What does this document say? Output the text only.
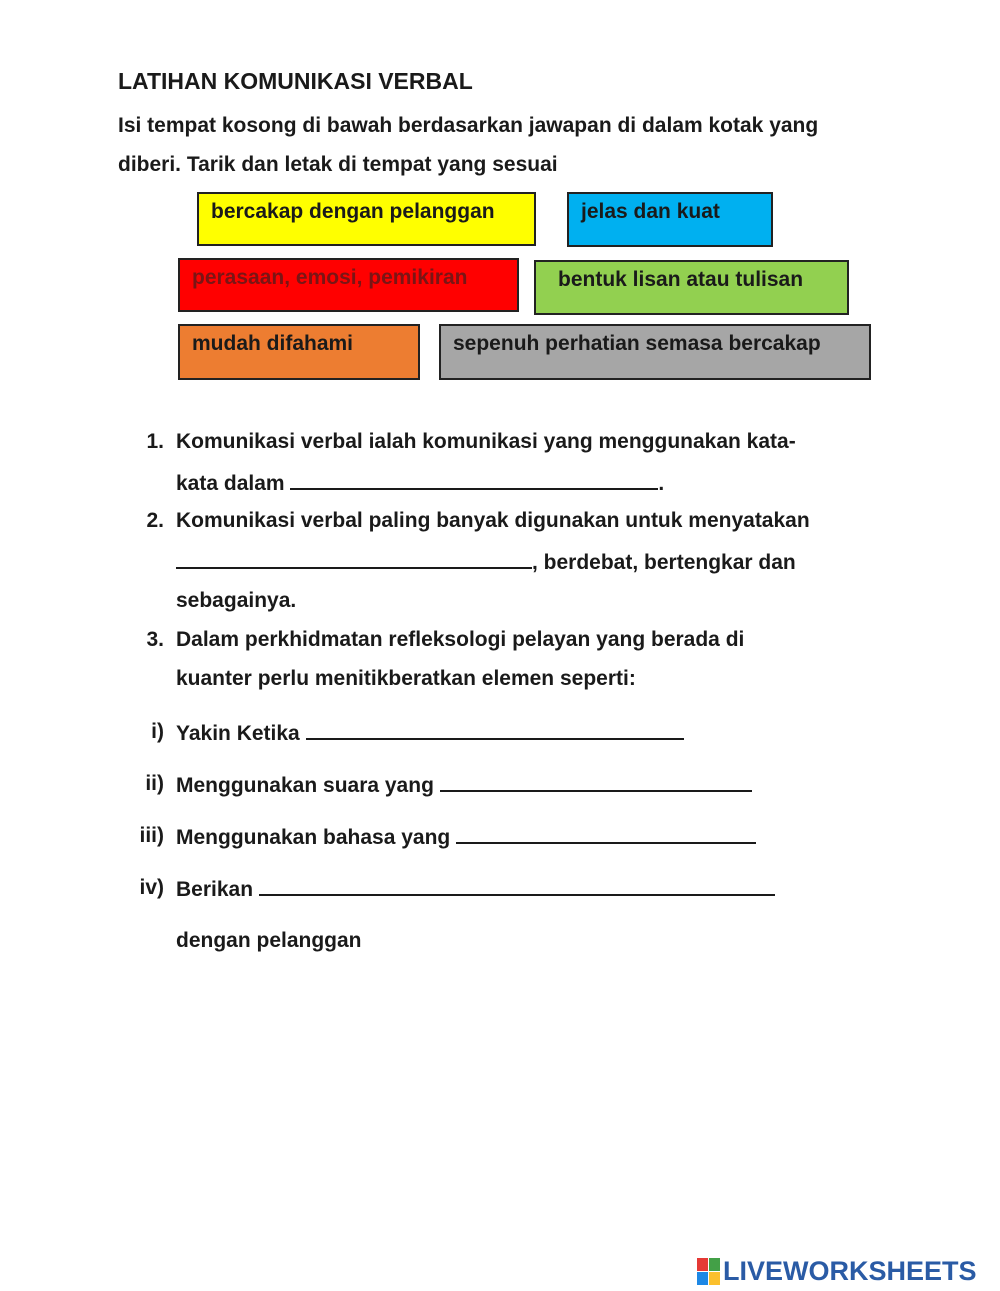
LATIHAN KOMUNIKASI VERBAL
Isi tempat kosong di bawah berdasarkan jawapan di dalam kotak yang
diberi. Tarik dan letak di tempat yang sesuai
bercakap dengan pelanggan	jelas dan kuat
perasaan, emosi, pemikiran	bentuk lisan atau tulisan
mudah difahami	sepenuh perhatian semasa bercakap
1. Komunikasi verbal ialah komunikasi yang menggunakan kata-
kata dalam	.
2. Komunikasi verbal paling banyak digunakan untuk menyatakan
, berdebat, bertengkar dan
sebagainya.
3. Dalam perkhidmatan refleksologi pelayan yang berada di
kuanter perlu menitikberatkan elemen seperti:
i) Yakin Ketika
ii) Menggunakan suara yang
iii) Menggunakan bahasa yang
iv) Berikan
dengan pelanggan
LIVEWORKSHEETS
